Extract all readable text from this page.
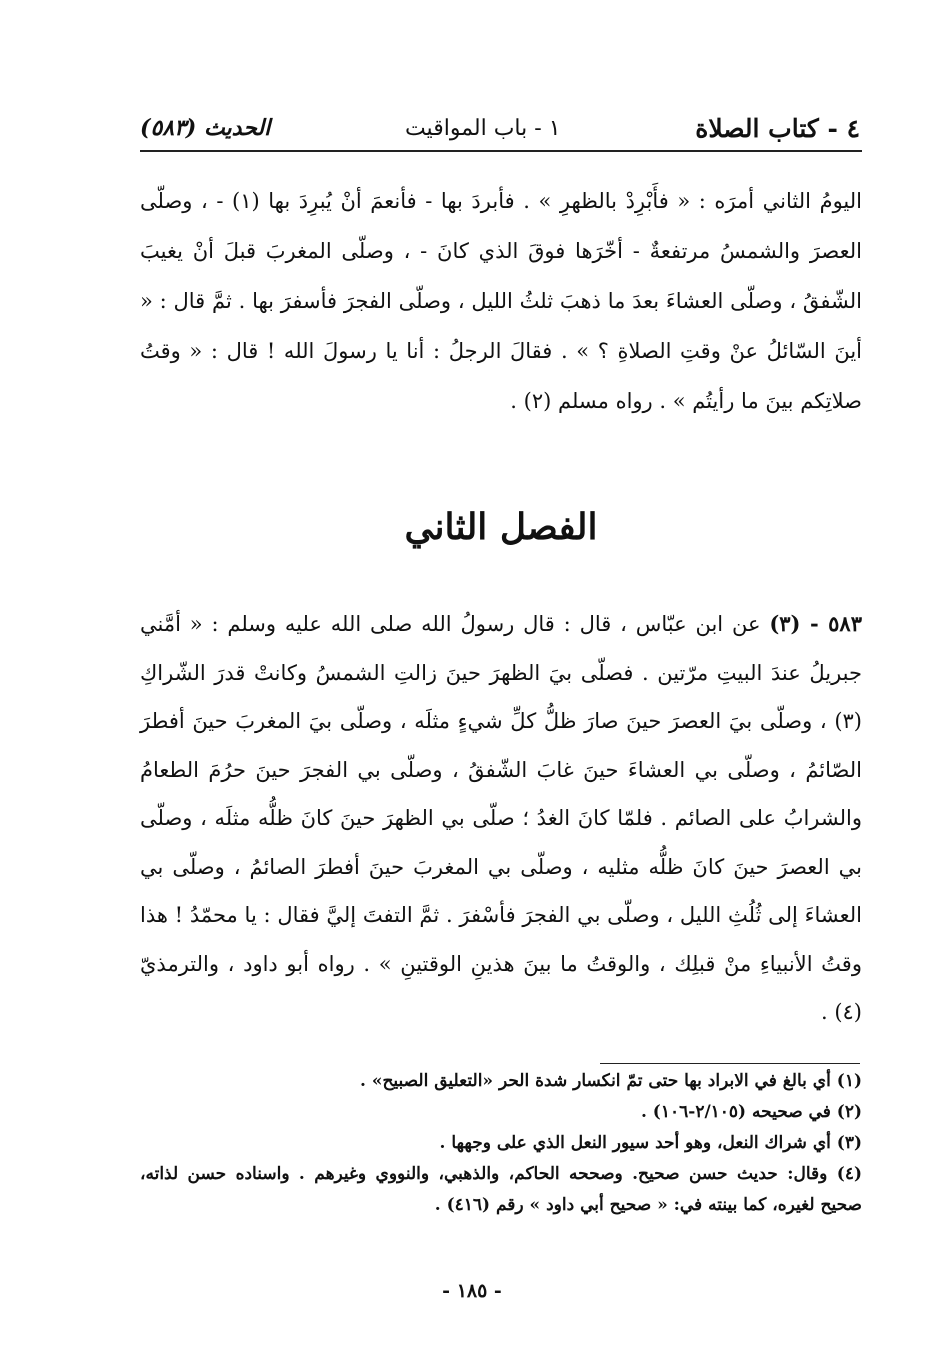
٤ - كتاب الصلاة
١ - باب المواقيت
الحديث (٥٨٣)

اليومُ الثاني أمرَه : « فأَبْرِدْ بالظهرِ » . فأبردَ بها - فأنعمَ أنْ يُبرِدَ بها (١) - ، وصلّى العصرَ والشمسُ مرتفعةٌ - أخّرَها فوقَ الذي كانَ - ، وصلّى المغربَ قبلَ أنْ يغيبَ الشّفقُ ، وصلّى العشاءَ بعدَ ما ذهبَ ثلثُ الليل ، وصلّى الفجرَ فأسفرَ بها . ثمَّ قال : « أينَ السّائلُ عنْ وقتِ الصلاةِ ؟ » . فقالَ الرجلُ : أنا يا رسولَ الله ! قال : « وقتُ صلاتِكم بينَ ما رأيتُم » . رواه مسلم (٢) .

الفصل الثاني

٥٨٣ - (٣) عن ابن عبّاس ، قال : قال رسولُ الله صلى الله عليه وسلم : « أمَّني جبريلُ عندَ البيتِ مرّتين . فصلّى بيَ الظهرَ حينَ زالتِ الشمسُ وكانتْ قدرَ الشّراكِ (٣) ، وصلّى بيَ العصرَ حينَ صارَ ظلُّ كلِّ شيءٍ مثلَه ، وصلّى بيَ المغربَ حينَ أفطرَ الصّائمُ ، وصلّى بي العشاءَ حينَ غابَ الشّفقُ ، وصلّى بي الفجرَ حينَ حرُمَ الطعامُ والشرابُ على الصائم . فلمّا كانَ الغدُ ؛ صلّى بي الظهرَ حينَ كانَ ظلُّه مثلَه ، وصلّى بي العصرَ حينَ كانَ ظلُّه مثليه ، وصلّى بي المغربَ حينَ أفطرَ الصائمُ ، وصلّى بي العشاءَ إلى ثُلُثِ الليل ، وصلّى بي الفجرَ فأسْفرَ . ثمَّ التفتَ إليَّ فقال : يا محمّدُ ! هذا وقتُ الأنبياءِ منْ قبلِك ، والوقتُ ما بينَ هذينِ الوقتينِ » . رواه أبو داود ، والترمذيّ (٤) .

(١) أي بالغ في الابراد بها حتى تمّ انكسار شدة الحر «التعليق الصبيح» .
(٢) في صحيحه (٢/١٠٥-١٠٦) .
(٣) أي شراك النعل، وهو أحد سيور النعل الذي على وجهها .
(٤) وقال: حديث حسن صحيح. وصححه الحاكم، والذهبي، والنووي وغيرهم . واسناده حسن لذاته، صحيح لغيره، كما بينته في: « صحيح أبي داود » رقم (٤١٦) .
- ١٨٥ -
